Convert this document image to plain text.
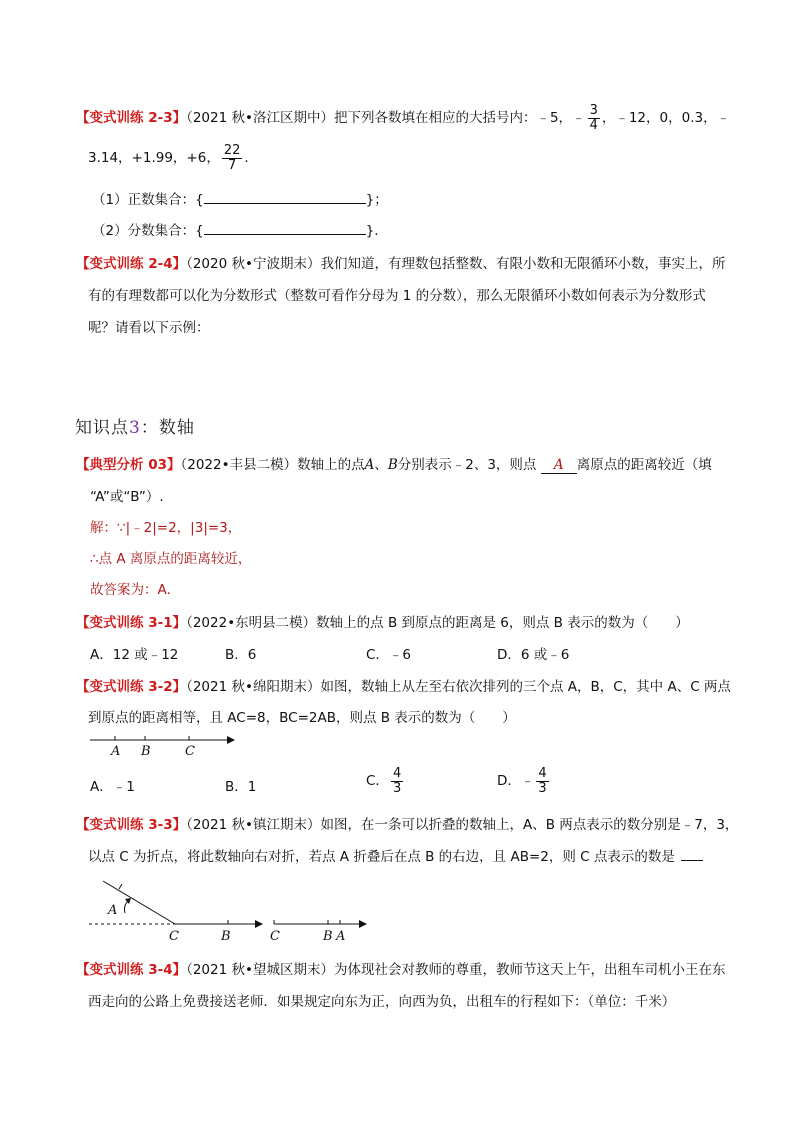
【变式训练 2-3】（2021 秋•洛江区期中）把下列各数填在相应的大括号内：﹣5，﹣ $\frac{3}{4}$ ，﹣12，0，0.3，﹣
3.14，+1.99，+6， $\frac{22}{7}$ .
（1）正数集合：{	}；
（2）分数集合：{	}.
【变式训练 2-4】（2020 秋•宁波期末）我们知道，有理数包括整数、有限小数和无限循环小数，事实上，所
有的有理数都可以化为分数形式（整数可看作分母为 1 的分数），那么无限循环小数如何表示为分数形式
呢？请看以下示例：
知识点3：数轴
【典型分析 03】（2022•丰县二模）数轴上的点A、B分别表示﹣2、3，则点 A 离原点的距离较近（填
“A”或“B”）.
解：∵|﹣2|=2，|3|=3，
∴点 A 离原点的距离较近，
故答案为：A.
【变式训练 3-1】（2022•东明县二模）数轴上的点 B 到原点的距离是 6，则点 B 表示的数为（　　）
A．12 或﹣12	B．6	C．﹣6	D．6 或﹣6
【变式训练 3-2】（2021 秋•绵阳期末）如图，数轴上从左至右依次排列的三个点 A，B，C，其中 A、C 两点
到原点的距离相等，且 AC=8，BC=2AB，则点 B 表示的数为（　　）
A B	C
A．﹣1	B．1	C． $\frac{4}{3}$	D．﹣ $\frac{4}{3}$
【变式训练 3-3】（2021 秋•镇江期末）如图，在一条可以折叠的数轴上，A、B 两点表示的数分别是﹣7，3，
以点 C 为折点，将此数轴向右对折，若点 A 折叠后在点 B 的右边，且 AB=2，则 C 点表示的数是
A
C	B	C	B A
【变式训练 3-4】（2021 秋•望城区期末）为体现社会对教师的尊重，教师节这天上午，出租车司机小王在东
西走向的公路上免费接送老师．如果规定向东为正，向西为负，出租车的行程如下：（单位：千米）
